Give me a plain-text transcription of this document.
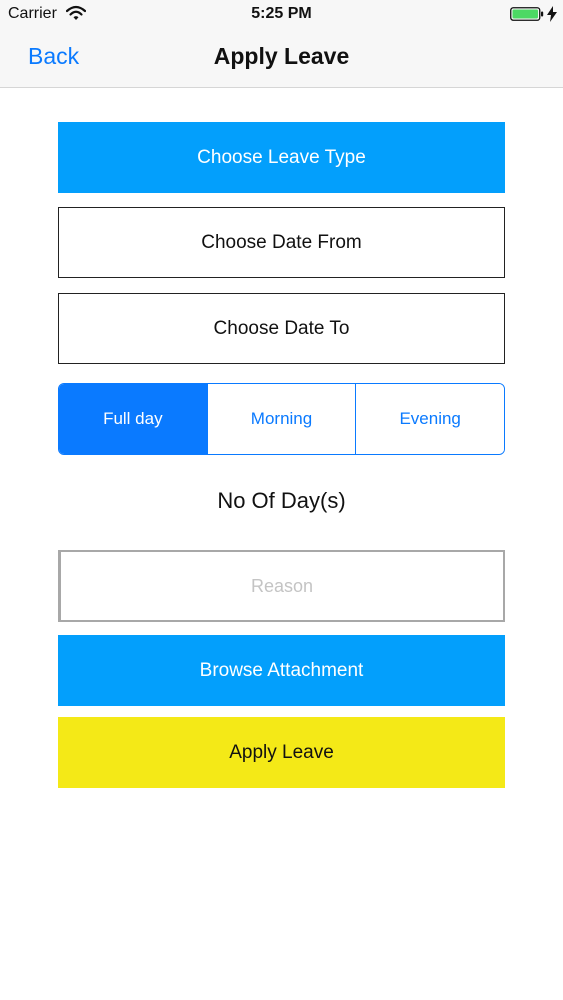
Carrier	5:25 PM
Back	Apply Leave
Choose Leave Type
Choose Date From
Choose Date To
Full day	Morning	Evening
No Of Day(s)
Reason
Browse Attachment
Apply Leave
